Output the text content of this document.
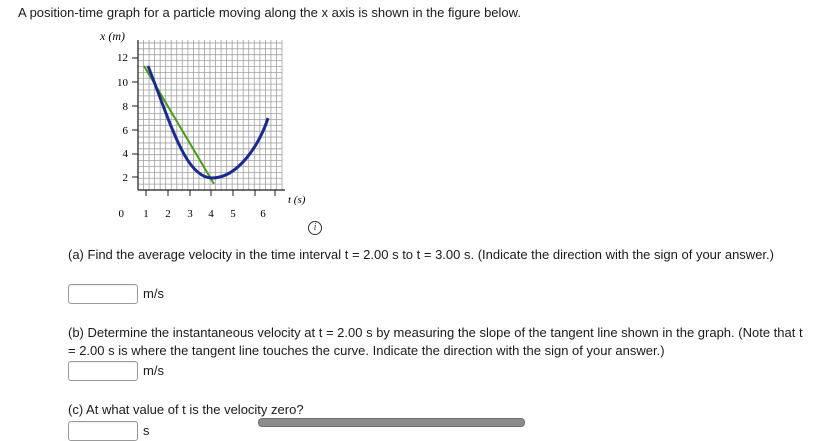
A position-time graph for a particle moving along the x axis is shown in the figure below.
12
10
8
6
4
2
0 1 2 3 4 5 6
x (m)
t (s)
i
(a) Find the average velocity in the time interval t = 2.00 s to t = 3.00 s. (Indicate the direction with the sign of your answer.)
m/s
(b) Determine the instantaneous velocity at t = 2.00 s by measuring the slope of the tangent line shown in the graph. (Note that t = 2.00 s is where the tangent line touches the curve. Indicate the direction with the sign of your answer.)
m/s
(c) At what value of t is the velocity zero?
s
